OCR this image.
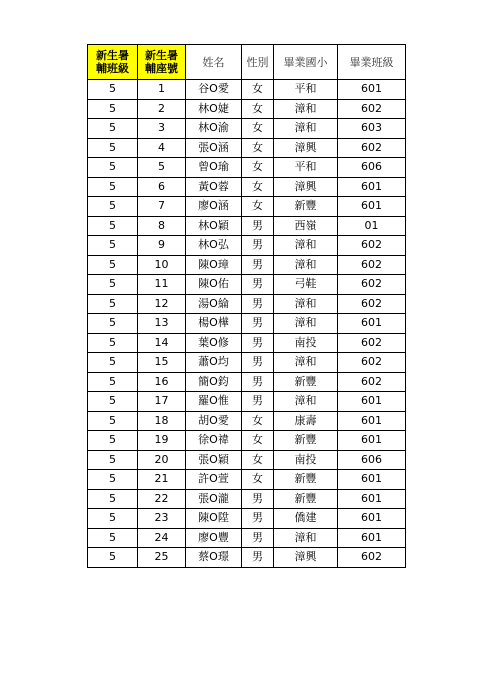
新生暑輔班級	新生暑輔座號	姓名	性別	畢業國小	畢業班級
5	1	谷O愛	女	平和	601
5	2	林O婕	女	漳和	602
5	3	林O渝	女	漳和	603
5	4	張O涵	女	漳興	602
5	5	曾O瑜	女	平和	606
5	6	黃O蓉	女	漳興	601
5	7	廖O涵	女	新豐	601
5	8	林O穎	男	西嶺	01
5	9	林O弘	男	漳和	602
5	10	陳O璋	男	漳和	602
5	11	陳O佑	男	弓鞋	602
5	12	湯O綸	男	漳和	602
5	13	楊O樺	男	漳和	601
5	14	葉O修	男	南投	602
5	15	蕭O均	男	漳和	602
5	16	簡O鈞	男	新豐	602
5	17	羅O惟	男	漳和	601
5	18	胡O愛	女	康壽	601
5	19	徐O禕	女	新豐	601
5	20	張O穎	女	南投	606
5	21	許O萱	女	新豐	601
5	22	張O瀧	男	新豐	601
5	23	陳O陞	男	僑建	601
5	24	廖O豐	男	漳和	601
5	25	蔡O璟	男	漳興	602
